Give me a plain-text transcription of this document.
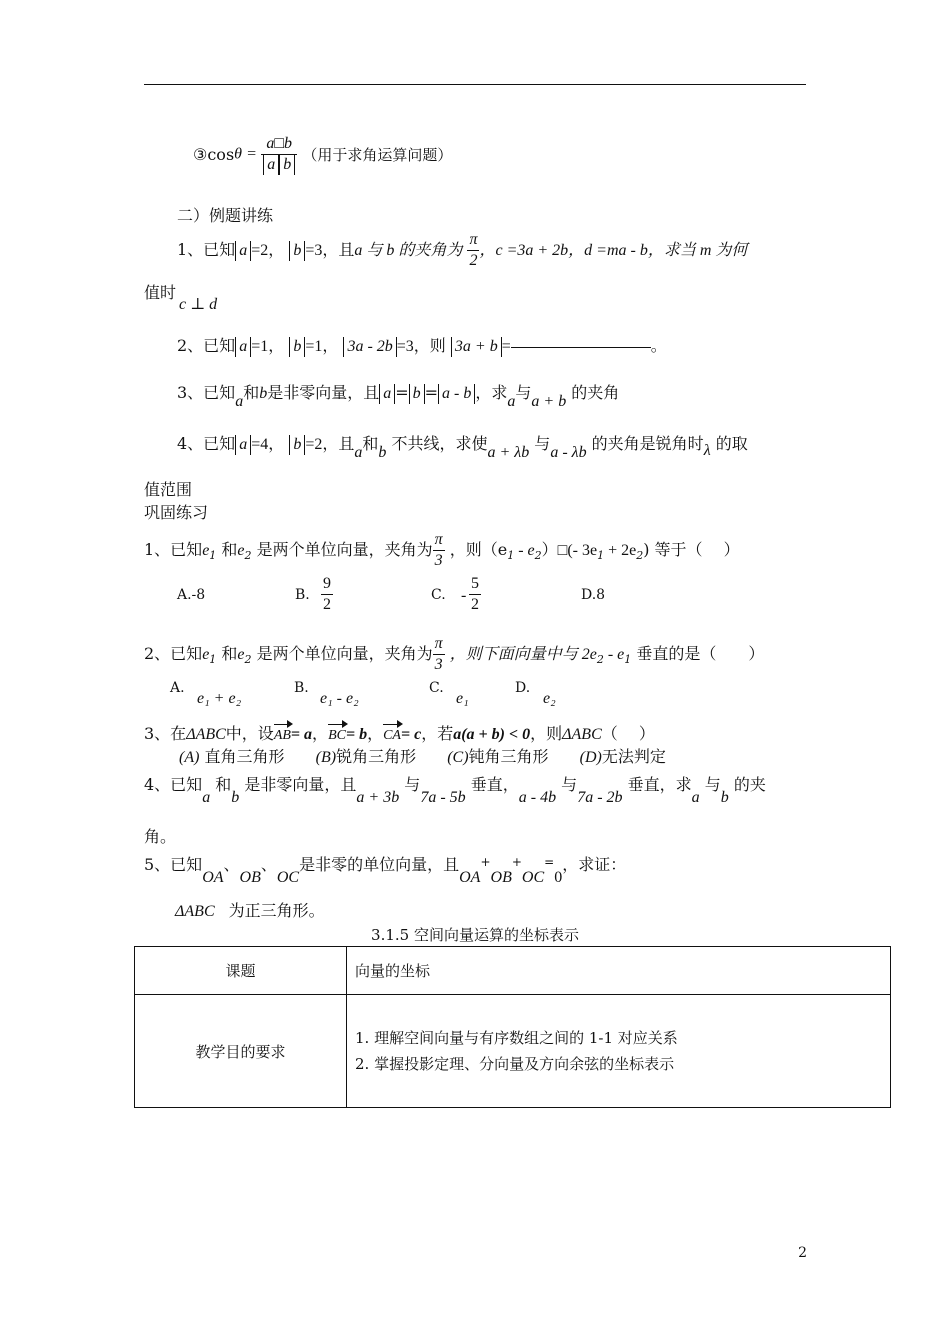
③cosθ = $\frac{a□b}{\text{a b}}$ （用于求角运算问题）
二）例题讲练
1、已知 a =2， b =3，且a 与 b 的夹角为 $\frac{\pi}{2}$ ，c =3a + 2b，d =ma - b，求当 m 为何
值时
c ⊥ d
2、已知 a =1， b =1， 3a - 2b =3，则 3a + b =	。
3、已知a和b是非零向量，且 a = b = a - b ，求a与a + b 的夹角
4、已知 a =4， b =2，且a和b 不共线，求使a + λb 与a - λb 的夹角是锐角时λ 的取
值范围
巩固练习
1、已知$e_1$ 和$e_2$ 是两个单位向量，夹角为 $\frac{\pi}{3}$ ，则（$e_1$ - $e_2)□(-$ $3e_1 + 2e_2$) 等于（　 ）
A.-8	B. $\frac{9}{2}$	C. - $\frac{5}{2}$	D.8
2、已知$e_1$ 和$e_2$ 是两个单位向量，夹角为 $\frac{\pi}{3}$ ，则下面向量中与 $2e_2 - e_1$ 垂直的是（　　）
A.
e₁ + e₂
B.
e₁ - e₂
C.
e₁
D.
e₂
3、在ΔABC中，设AB= a，BC= b，CA= c，若a(a + b) < 0，则ΔABC（　 ）
(A) 直角三角形 (B)锐角三角形 (C)钝角三角形 (D)无法判定
4、已知a 和b 是非零向量，且a + 3b 与7a - 5b 垂直，a - 4b 与7a - 2b 垂直，求a 与b 的夹
角。
5、已知OA、OB、OC是非零的单位向量，且OA+OB+OC=0，求证：
ΔABC 为正三角形。
3.1.5 空间向量运算的坐标表示
课题	向量的坐标
教学目的要求	1. 理解空间向量与有序数组之间的 1-1 对应关系
2. 掌握投影定理、分向量及方向余弦的坐标表示
2
